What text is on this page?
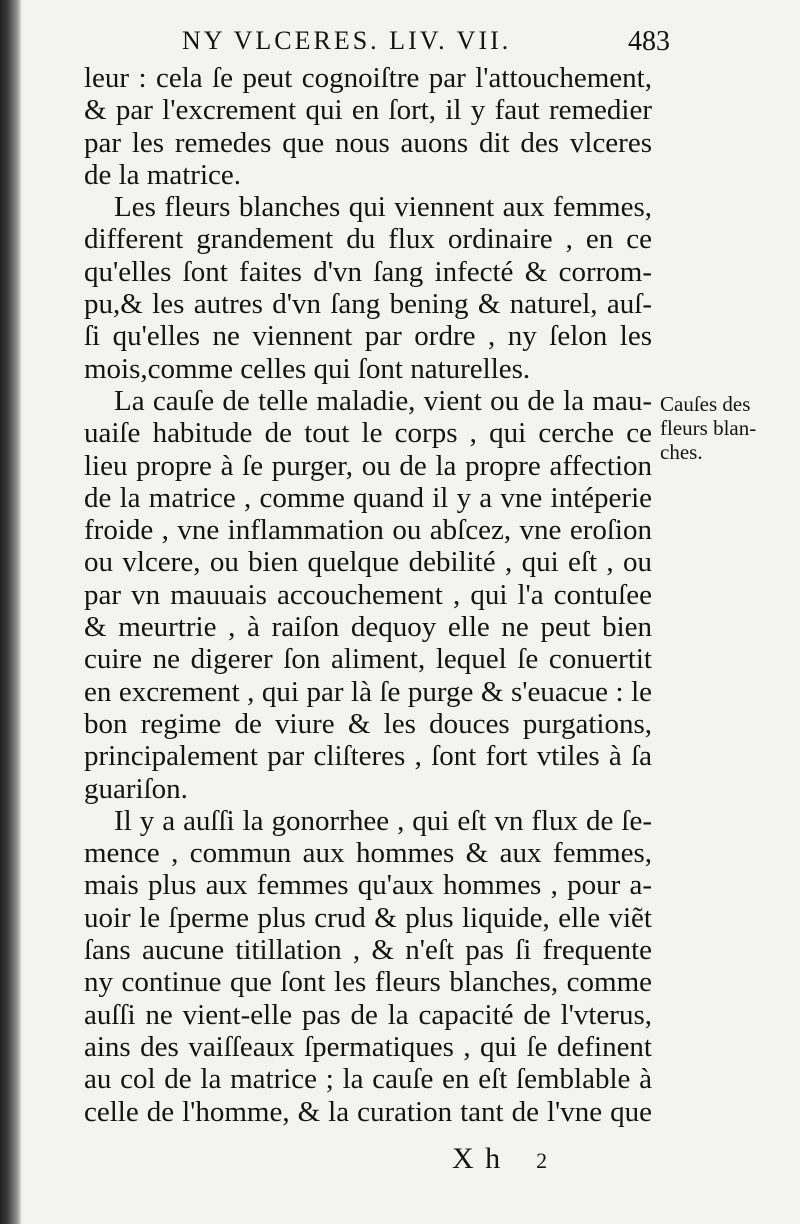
NY VLCERES. LIV. VII.	483
leur : cela ſe peut cognoiſtre par l'attouchement,
& par l'excrement qui en ſort, il y faut remedier
par les remedes que nous auons dit des vlceres
de la matrice.
Les fleurs blanches qui viennent aux femmes,
different grandement du flux ordinaire , en ce
qu'elles ſont faites d'vn ſang infecté & corrom-
pu,& les autres d'vn ſang bening & naturel, auſ-
ſi qu'elles ne viennent par ordre , ny ſelon les
mois,comme celles qui ſont naturelles.
La cauſe de telle maladie, vient ou de la mau-
uaiſe habitude de tout le corps , qui cerche ce
lieu propre à ſe purger, ou de la propre affection
de la matrice , comme quand il y a vne intéperie
froide , vne inflammation ou abſcez, vne eroſion
ou vlcere, ou bien quelque debilité , qui eſt , ou
par vn mauuais accouchement , qui l'a contuſee
& meurtrie , à raiſon dequoy elle ne peut bien
cuire ne digerer ſon aliment, lequel ſe conuertit
en excrement , qui par là ſe purge & s'euacue : le
bon regime de viure & les douces purgations,
principalement par cliſteres , ſont fort vtiles à ſa
guariſon.
Il y a auſſi la gonorrhee , qui eſt vn flux de ſe-
mence , commun aux hommes & aux femmes,
mais plus aux femmes qu'aux hommes , pour a-
uoir le ſperme plus crud & plus liquide, elle viẽt
ſans aucune titillation , & n'eſt pas ſi frequente
ny continue que ſont les fleurs blanches, comme
auſſi ne vient-elle pas de la capacité de l'vterus,
ains des vaiſſeaux ſpermatiques , qui ſe definent
au col de la matrice ; la cauſe en eſt ſemblable à
celle de l'homme, & la curation tant de l'vne que
Cauſes des
fleurs blan-
ches.
X h 2
